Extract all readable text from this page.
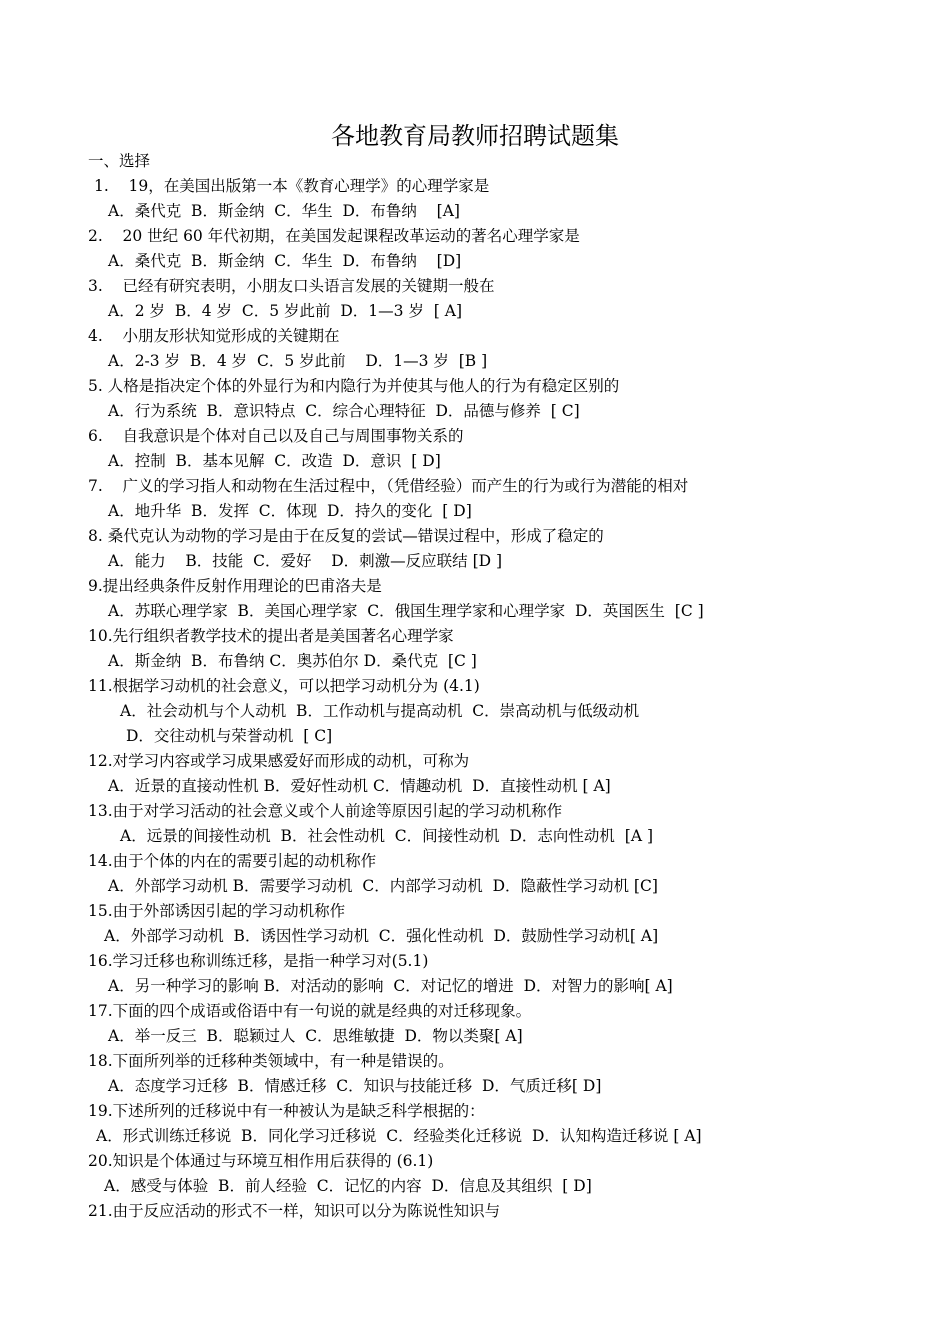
各地教育局教师招聘试题集
一、选择
1.    19，在美国出版第一本《教育心理学》的心理学家是
A．桑代克  B．斯金纳  C．华生  D．布鲁纳    [A]
2.    20 世纪 60 年代初期，在美国发起课程改革运动的著名心理学家是
A．桑代克  B．斯金纳  C．华生  D．布鲁纳    [D]
3.    已经有研究表明，小朋友口头语言发展的关键期一般在
A．2 岁  B．4 岁  C．5 岁此前  D．1—3 岁  [ A]
4.    小朋友形状知觉形成的关键期在
A．2-3 岁  B．4 岁  C．5 岁此前    D．1—3 岁  [B ]
5. 人格是指决定个体的外显行为和内隐行为并使其与他人的行为有稳定区别的
A．行为系统  B．意识特点  C．综合心理特征  D．品德与修养  [ C]
6.    自我意识是个体对自己以及自己与周围事物关系的
A．控制  B．基本见解  C．改造  D．意识  [ D]
7.    广义的学习指人和动物在生活过程中，（凭借经验）而产生的行为或行为潜能的相对
A．地升华  B．发挥  C．体现  D．持久的变化  [ D]
8. 桑代克认为动物的学习是由于在反复的尝试—错误过程中，形成了稳定的
A．能力    B．技能  C．爱好    D．刺激—反应联结 [D ]
9.提出经典条件反射作用理论的巴甫洛夫是
A．苏联心理学家  B．美国心理学家  C．俄国生理学家和心理学家  D．英国医生  [C ]
10.先行组织者教学技术的提出者是美国著名心理学家
A．斯金纳  B．布鲁纳 C．奥苏伯尔 D．桑代克  [C ]
11.根据学习动机的社会意义，可以把学习动机分为 (4.1)
A．社会动机与个人动机  B．工作动机与提高动机  C．崇高动机与低级动机
D．交往动机与荣誉动机  [ C]
12.对学习内容或学习成果感爱好而形成的动机，可称为
A．近景的直接动性机 B．爱好性动机 C．情趣动机  D．直接性动机 [ A]
13.由于对学习活动的社会意义或个人前途等原因引起的学习动机称作
A．远景的间接性动机  B．社会性动机  C．间接性动机  D．志向性动机  [A ]
14.由于个体的内在的需要引起的动机称作
A．外部学习动机 B．需要学习动机  C．内部学习动机  D．隐蔽性学习动机 [C]
15.由于外部诱因引起的学习动机称作
A．外部学习动机  B．诱因性学习动机  C．强化性动机  D．鼓励性学习动机[ A]
16.学习迁移也称训练迁移，是指一种学习对(5.1)
A．另一种学习的影响 B．对活动的影响  C．对记忆的增进  D．对智力的影响[ A]
17.下面的四个成语或俗语中有一句说的就是经典的对迁移现象。
A．举一反三  B．聪颖过人  C．思维敏捷  D．物以类聚[ A]
18.下面所列举的迁移种类领域中，有一种是错误的。
A．态度学习迁移  B．情感迁移  C．知识与技能迁移  D．气质迁移[ D]
19.下述所列的迁移说中有一种被认为是缺乏科学根据的：
A．形式训练迁移说  B．同化学习迁移说  C．经验类化迁移说  D．认知构造迁移说 [ A]
20.知识是个体通过与环境互相作用后获得的 (6.1)
A．感受与体验  B．前人经验  C．记忆的内容  D．信息及其组织  [ D]
21.由于反应活动的形式不一样，知识可以分为陈说性知识与
